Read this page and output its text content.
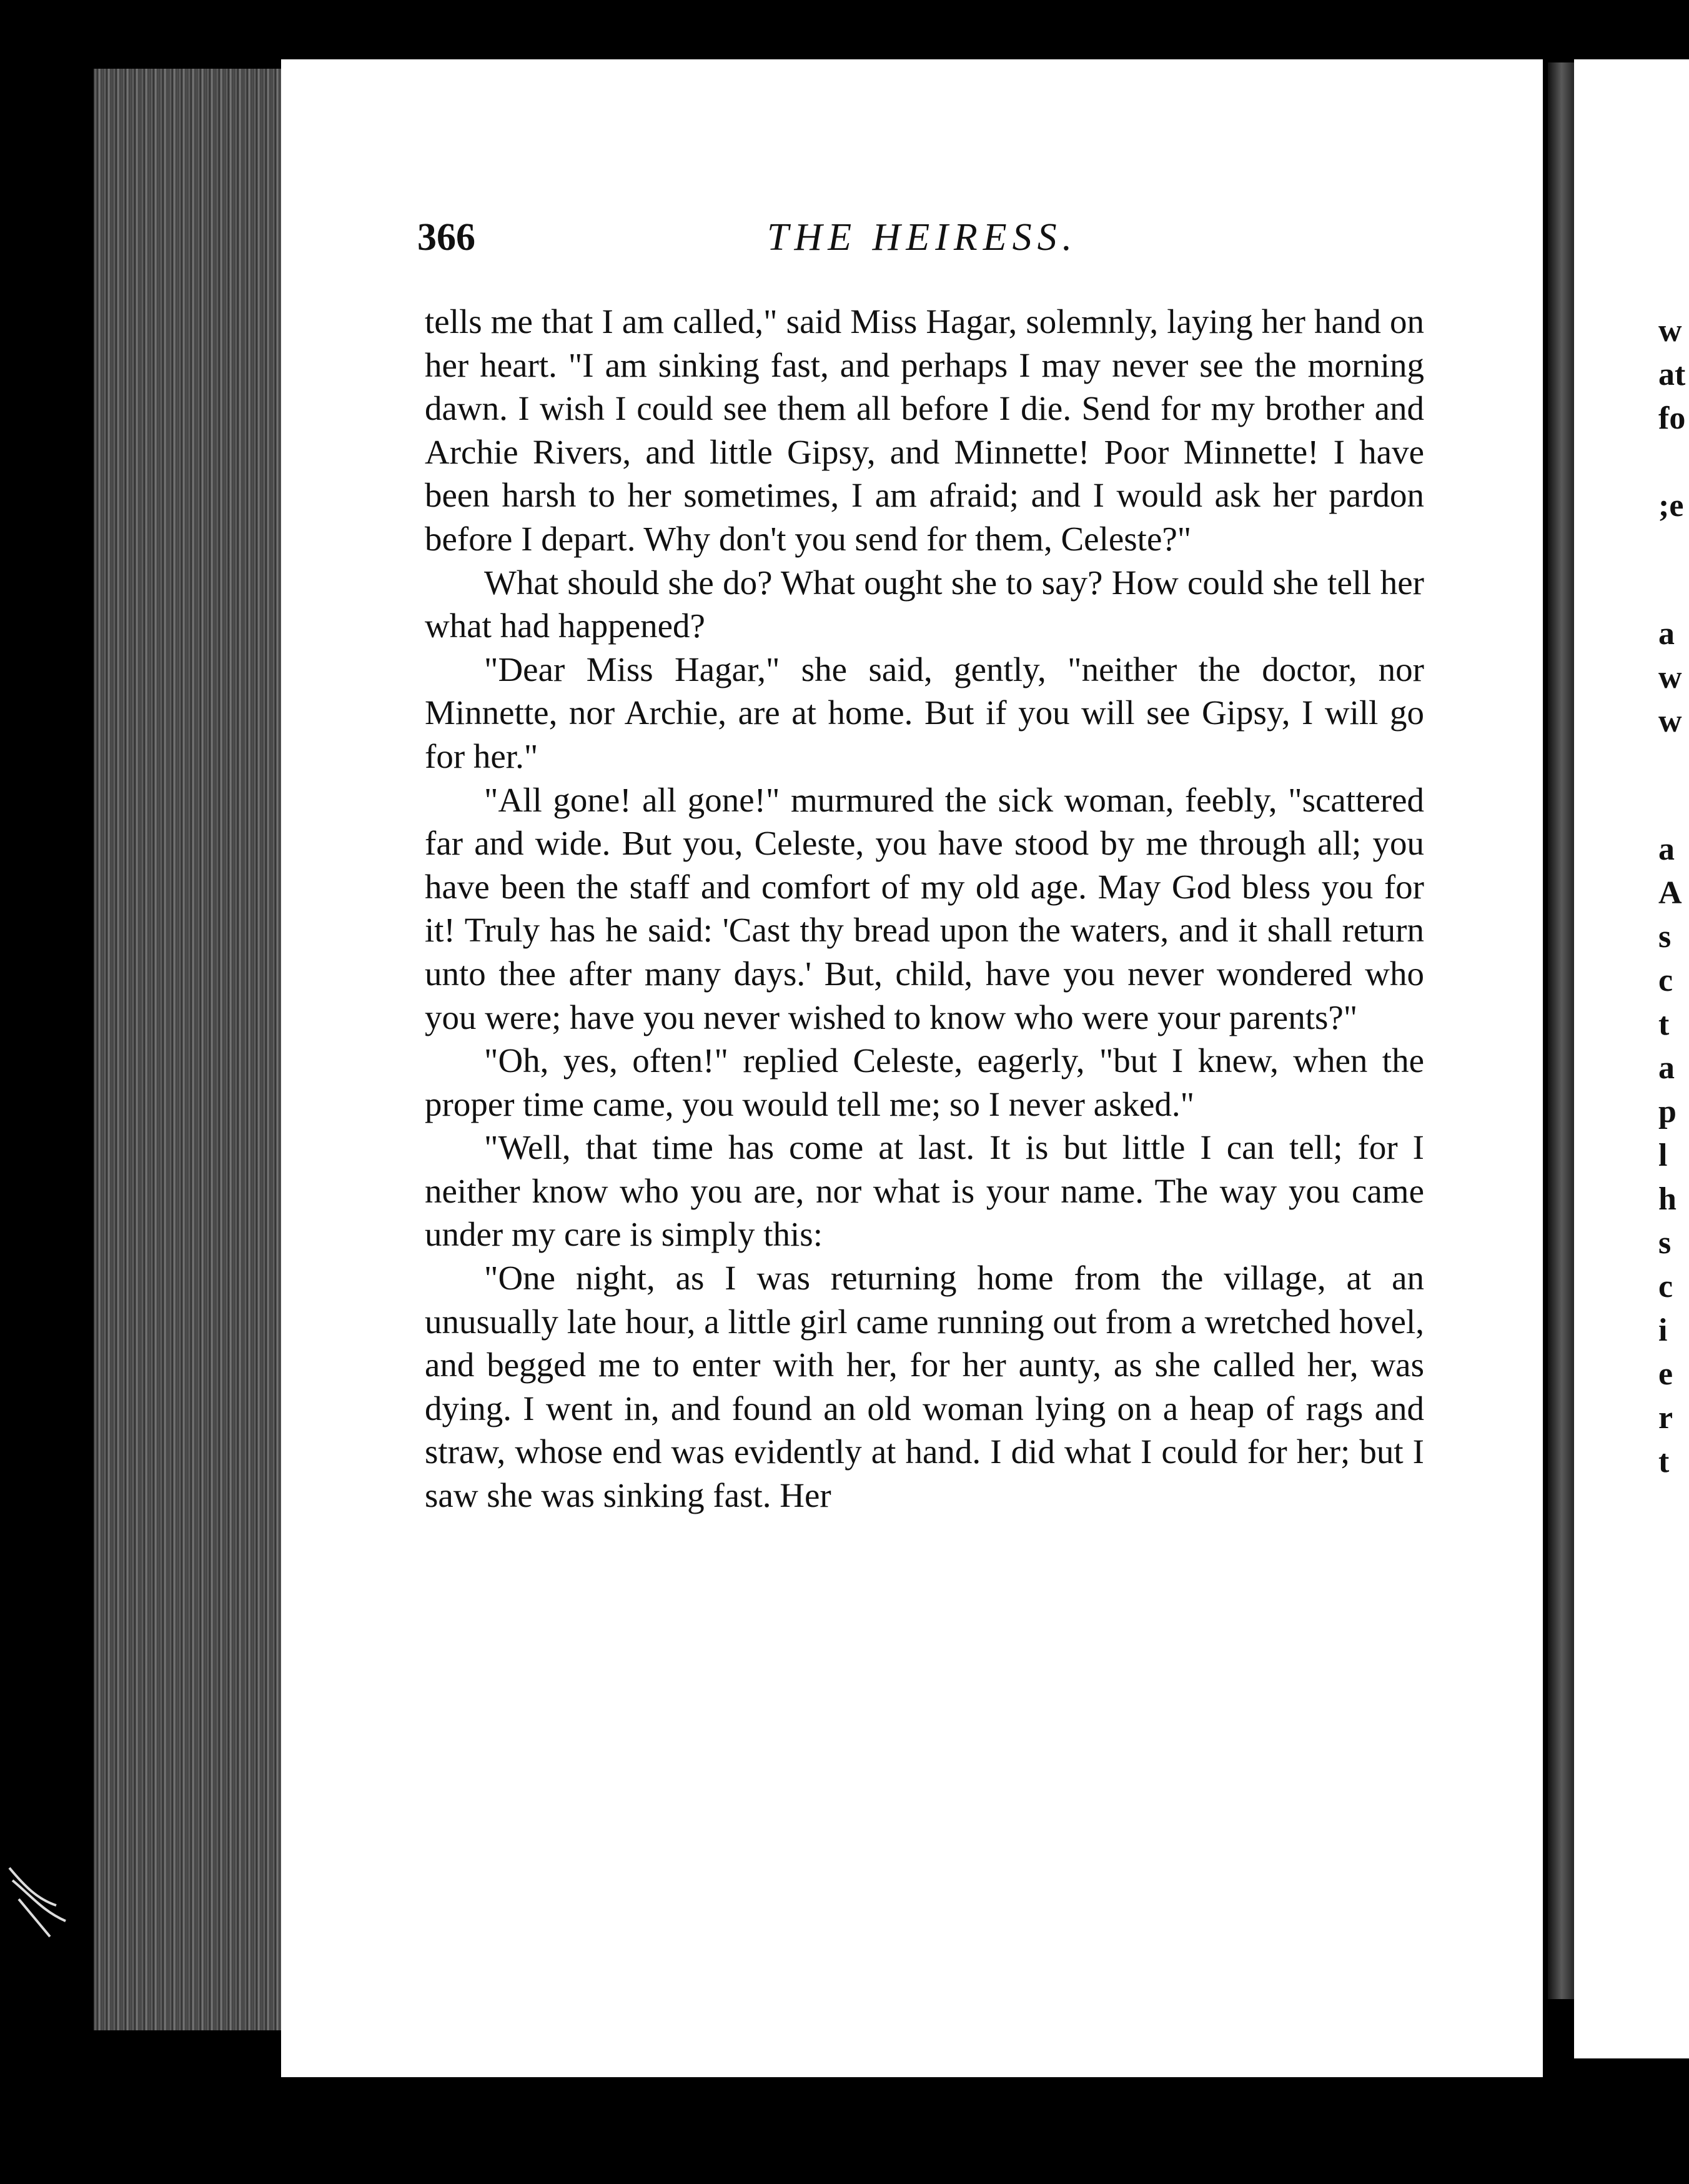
366	THE HEIRESS.

tells me that I am called," said Miss Hagar, solemnly, laying her hand on her heart. "I am sinking fast, and perhaps I may never see the morning dawn. I wish I could see them all before I die. Send for my brother and Archie Rivers, and little Gipsy, and Minnette! Poor Minnette! I have been harsh to her sometimes, I am afraid; and I would ask her pardon before I depart. Why don't you send for them, Celeste?"

What should she do? What ought she to say? How could she tell her what had happened?

"Dear Miss Hagar," she said, gently, "neither the doctor, nor Minnette, nor Archie, are at home. But if you will see Gipsy, I will go for her."

"All gone! all gone!" murmured the sick woman, feebly, "scattered far and wide. But you, Celeste, you have stood by me through all; you have been the staff and comfort of my old age. May God bless you for it! Truly has he said: 'Cast thy bread upon the waters, and it shall return unto thee after many days.' But, child, have you never wondered who you were; have you never wished to know who were your parents?"

"Oh, yes, often!" replied Celeste, eagerly, "but I knew, when the proper time came, you would tell me; so I never asked."

"Well, that time has come at last. It is but little I can tell; for I neither know who you are, nor what is your name. The way you came under my care is simply this:

"One night, as I was returning home from the village, at an unusually late hour, a little girl came running out from a wretched hovel, and begged me to enter with her, for her aunty, as she called her, was dying. I went in, and found an old woman lying on a heap of rags and straw, whose end was evidently at hand. I did what I could for her; but I saw she was sinking fast. Her

w
at
fo
;e
a
w
w
a
A
s
c
t
a
p
l
h
s
c
i
e
r
t
